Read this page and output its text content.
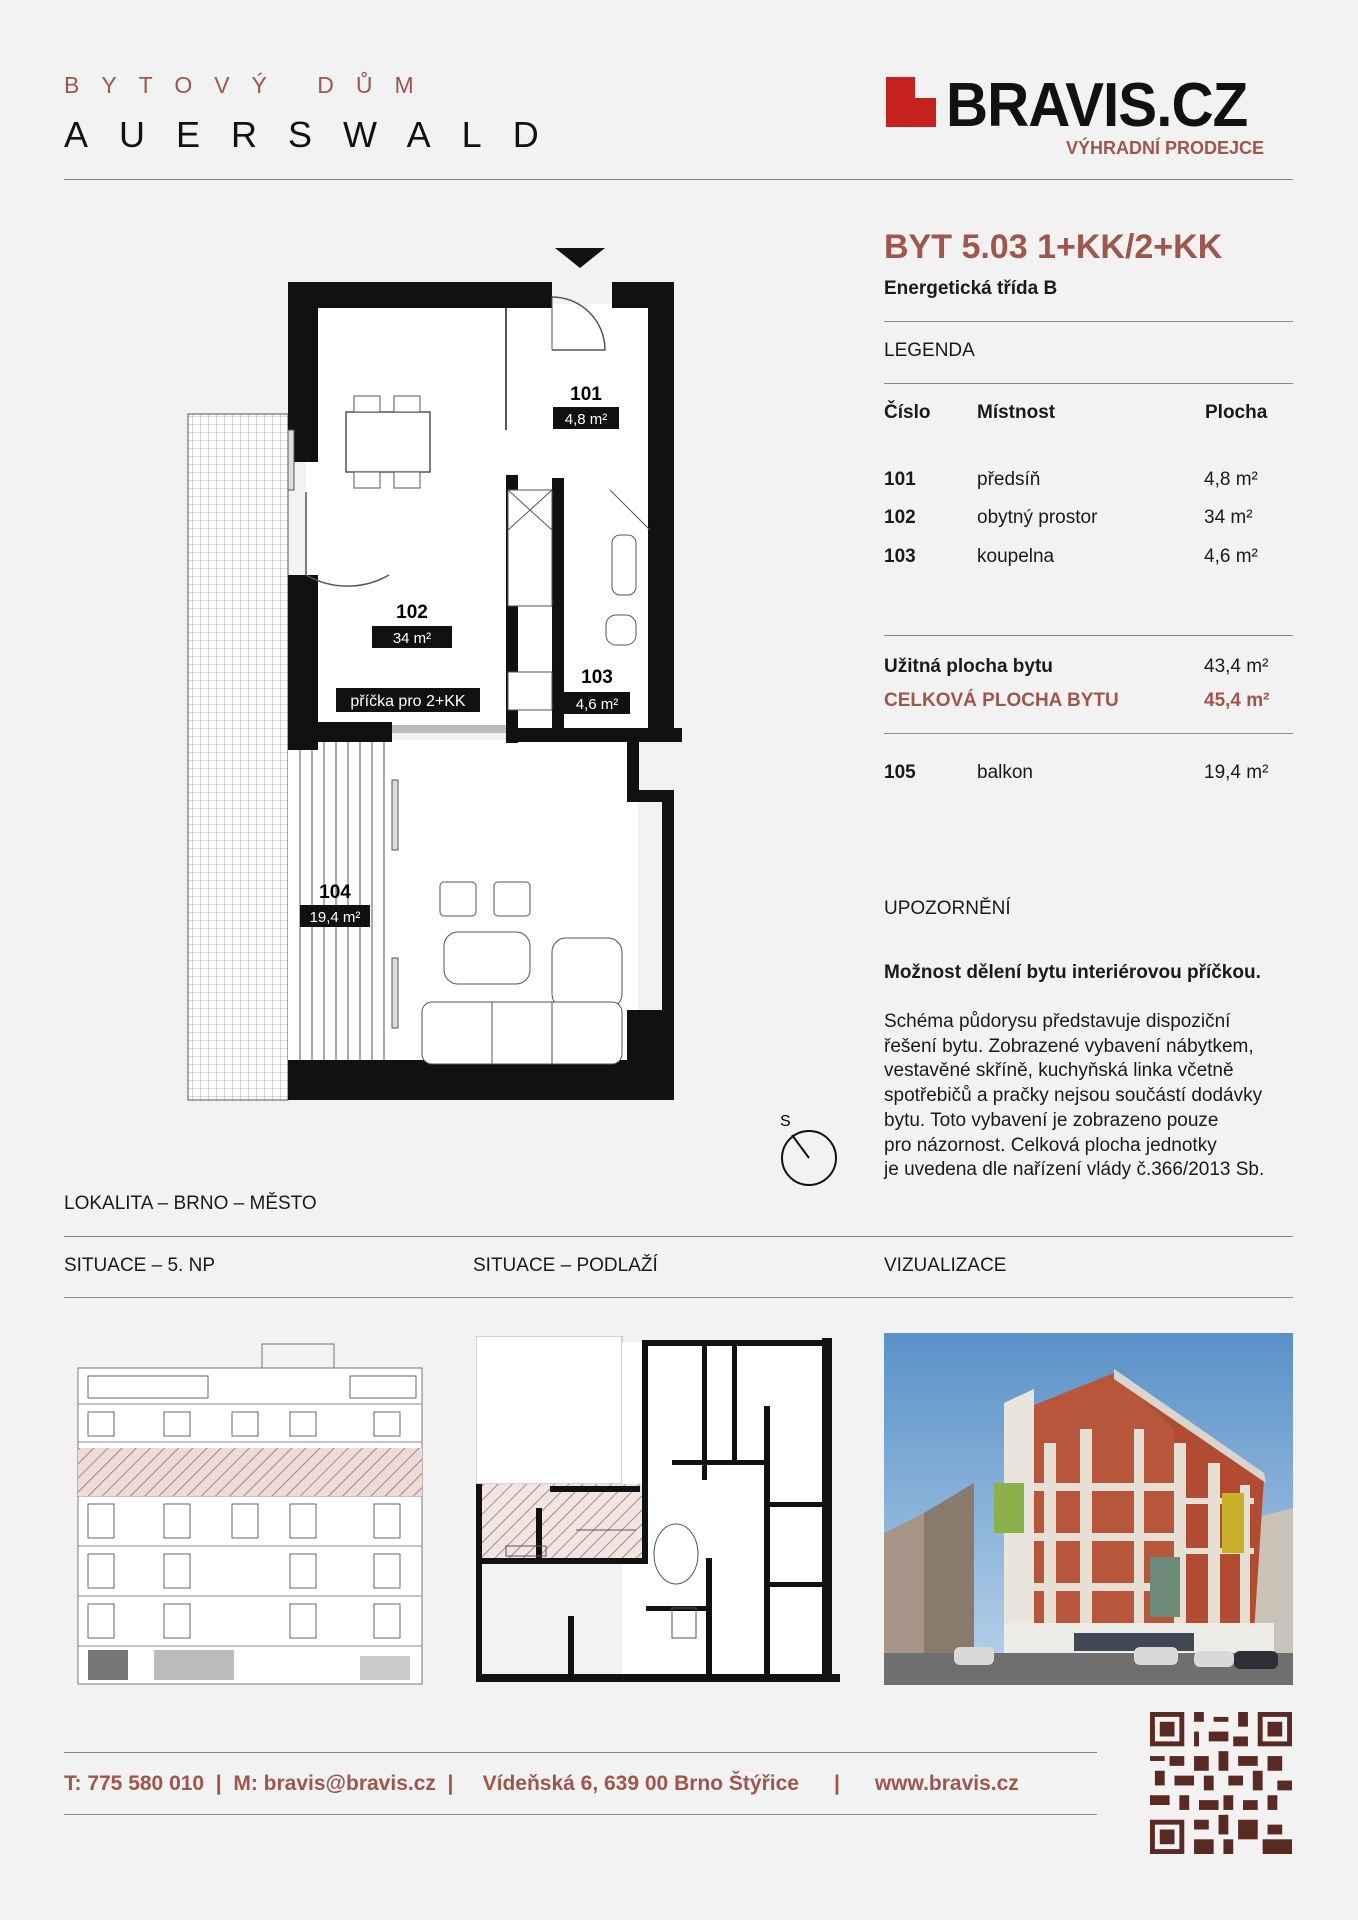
BYTOVÝ DŮM
AUERSWALD	BRAVIS.CZ
VÝHRADNÍ PRODEJCE
101
4,8 m²
102
34 m²
příčka pro 2+KK
103
4,6 m²
104
19,4 m²
S
BYT 5.03 1+KK/2+KK
Energetická třída B
LEGENDA
Číslo Místnost	Plocha
101	předsíň	4,8 m²
102	obytný prostor	34 m²
103	koupelna	4,6 m²
Užitná plocha bytu	43,4 m²
CELKOVÁ PLOCHA BYTU	45,4 m²
105	balkon	19,4 m²
UPOZORNĚNÍ
Možnost dělení bytu interiérovou příčkou.
Schéma půdorysu představuje dispoziční
řešení bytu. Zobrazené vybavení nábytkem,
vestavěné skříně, kuchyňská linka včetně
spotřebičů a pračky nejsou součástí dodávky
bytu. Toto vybavení je zobrazeno pouze
pro názornost. Celková plocha jednotky
je uvedena dle nařízení vlády č.366/2013 Sb.
LOKALITA – BRNO – MĚSTO
SITUACE – 5. NP	SITUACE – PODLAŽÍ	VIZUALIZACE
T: 775 580 010  |  M: bravis@bravis.cz  |     Vídeňská 6, 639 00 Brno Štýřice      |      www.bravis.cz
